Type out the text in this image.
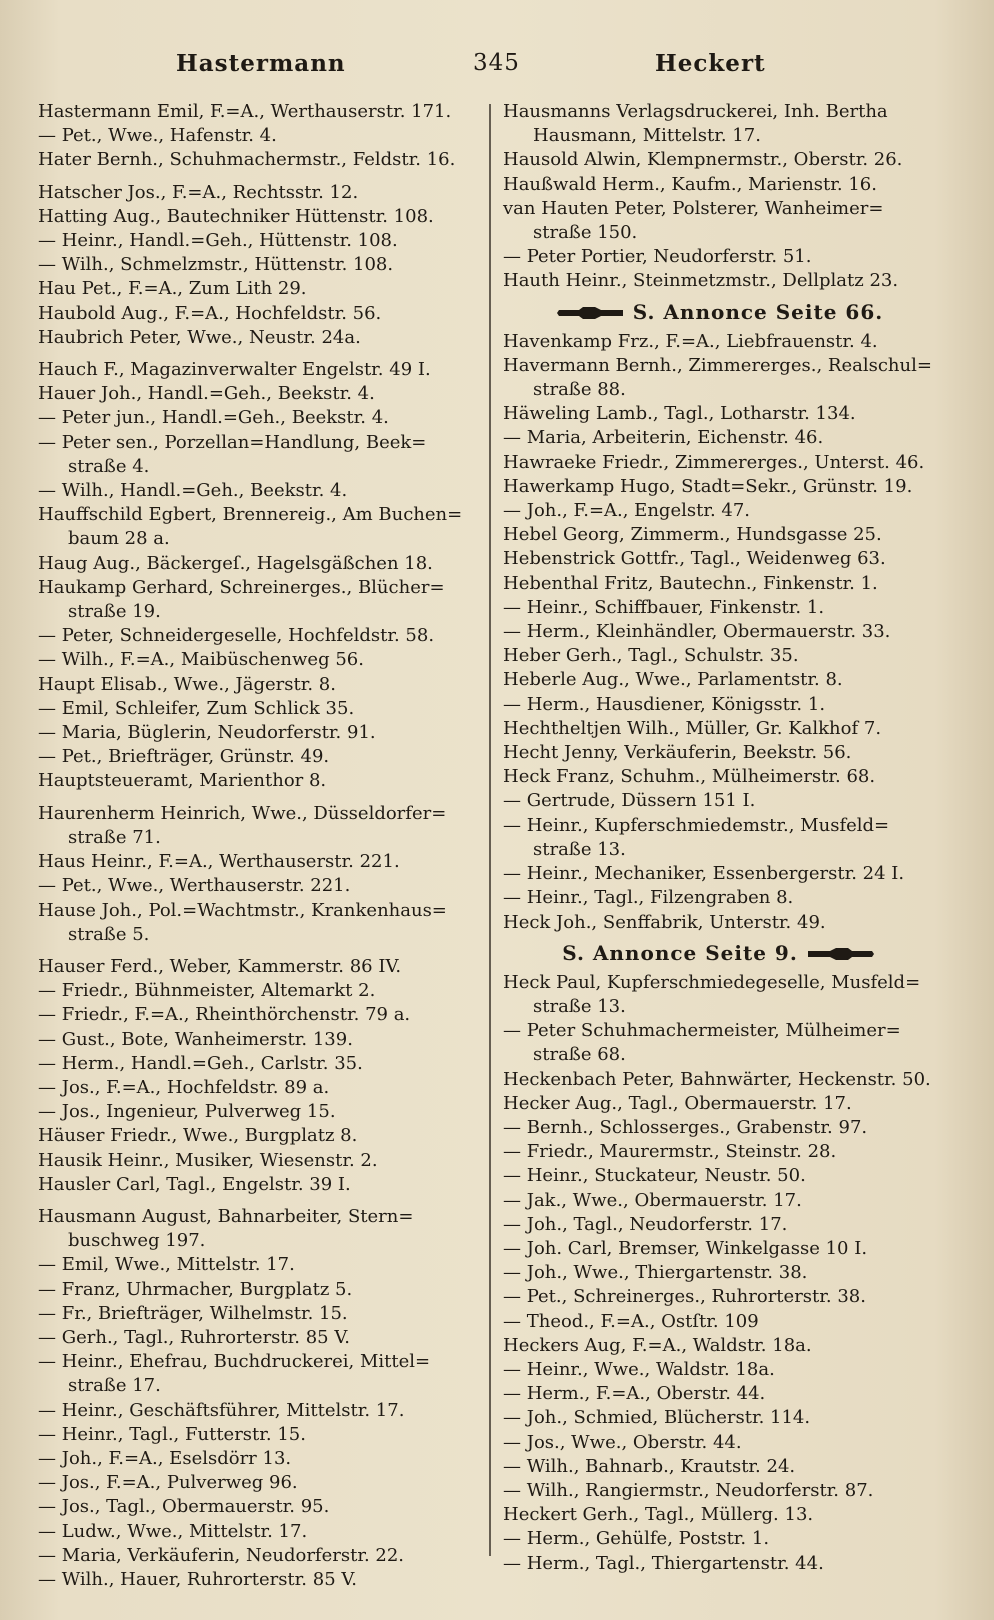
Hastermann	345	Heckert

Hastermann Emil, F.=A., Werthauserstr. 171.

— Pet., Wwe., Hafenstr. 4.

Hater Bernh., Schuhmachermstr., Feldstr. 16.

Hatscher Jos., F.=A., Rechtsstr. 12.

Hatting Aug., Bautechniker Hüttenstr. 108.

— Heinr., Handl.=Geh., Hüttenstr. 108.

— Wilh., Schmelzmstr., Hüttenstr. 108.

Hau Pet., F.=A., Zum Lith 29.

Haubold Aug., F.=A., Hochfeldstr. 56.

Haubrich Peter, Wwe., Neustr. 24a.

Hauch F., Magazinverwalter Engelstr. 49 I.

Hauer Joh., Handl.=Geh., Beekstr. 4.

— Peter jun., Handl.=Geh., Beekstr. 4.

— Peter sen., Porzellan=Handlung, Beek= straße 4.

— Wilh., Handl.=Geh., Beekstr. 4.

Hauffschild Egbert, Brennereig., Am Buchen= baum 28 a.

Haug Aug., Bäckergeſ., Hagelsgäßchen 18.

Haukamp Gerhard, Schreinerges., Blücher= straße 19.

— Peter, Schneidergeselle, Hochfeldstr. 58.

— Wilh., F.=A., Maibüschenweg 56.

Haupt Elisab., Wwe., Jägerstr. 8.

— Emil, Schleifer, Zum Schlick 35.

— Maria, Büglerin, Neudorferstr. 91.

— Pet., Briefträger, Grünstr. 49.

Hauptsteueramt, Marienthor 8.

Haurenherm Heinrich, Wwe., Düsseldorfer= straße 71.

Haus Heinr., F.=A., Werthauserstr. 221.

— Pet., Wwe., Werthauserstr. 221.

Hause Joh., Pol.=Wachtmstr., Krankenhaus= straße 5.

Hauser Ferd., Weber, Kammerstr. 86 IV.

— Friedr., Bühnmeister, Altemarkt 2.

— Friedr., F.=A., Rheinthörchenstr. 79 a.

— Gust., Bote, Wanheimerstr. 139.

— Herm., Handl.=Geh., Carlstr. 35.

— Jos., F.=A., Hochfeldstr. 89 a.

— Jos., Ingenieur, Pulverweg 15.

Häuser Friedr., Wwe., Burgplatz 8.

Hausik Heinr., Musiker, Wiesenstr. 2.

Hausler Carl, Tagl., Engelstr. 39 I.

Hausmann August, Bahnarbeiter, Stern= buschweg 197.

— Emil, Wwe., Mittelstr. 17.

— Franz, Uhrmacher, Burgplatz 5.

— Fr., Briefträger, Wilhelmstr. 15.

— Gerh., Tagl., Ruhrorterstr. 85 V.

— Heinr., Ehefrau, Buchdruckerei, Mittel= straße 17.

— Heinr., Geschäftsführer, Mittelstr. 17.

— Heinr., Tagl., Futterstr. 15.

— Joh., F.=A., Eselsdörr 13.

— Jos., F.=A., Pulverweg 96.

— Jos., Tagl., Obermauerstr. 95.

— Ludw., Wwe., Mittelstr. 17.

— Maria, Verkäuferin, Neudorferstr. 22.

— Wilh., Hauer, Ruhrorterstr. 85 V.

Hausmanns Verlagsdruckerei, Inh. Bertha Hausmann, Mittelstr. 17.

Hausold Alwin, Klempnermstr., Oberstr. 26.

Haußwald Herm., Kaufm., Marienstr. 16.

van Hauten Peter, Polsterer, Wanheimer= straße 150.

— Peter Portier, Neudorferstr. 51.

Hauth Heinr., Steinmetzmstr., Dellplatz 23.

S. Annonce Seite 66.

Havenkamp Frz., F.=A., Liebfrauenstr. 4.

Havermann Bernh., Zimmererges., Realschul= straße 88.

Häweling Lamb., Tagl., Lotharstr. 134.

— Maria, Arbeiterin, Eichenstr. 46.

Hawraeke Friedr., Zimmererges., Unterst. 46.

Hawerkamp Hugo, Stadt=Sekr., Grünstr. 19.

— Joh., F.=A., Engelstr. 47.

Hebel Georg, Zimmerm., Hundsgasse 25.

Hebenstrick Gottfr., Tagl., Weidenweg 63.

Hebenthal Fritz, Bautechn., Finkenstr. 1.

— Heinr., Schiffbauer, Finkenstr. 1.

— Herm., Kleinhändler, Obermauerstr. 33.

Heber Gerh., Tagl., Schulstr. 35.

Heberle Aug., Wwe., Parlamentstr. 8.

— Herm., Hausdiener, Königsstr. 1.

Hechtheltjen Wilh., Müller, Gr. Kalkhof 7.

Hecht Jenny, Verkäuferin, Beekstr. 56.

Heck Franz, Schuhm., Mülheimerstr. 68.

— Gertrude, Düssern 151 I.

— Heinr., Kupferschmiedemstr., Musfeld= straße 13.

— Heinr., Mechaniker, Essenbergerstr. 24 I.

— Heinr., Tagl., Filzengraben 8.

Heck Joh., Senffabrik, Unterstr. 49.

S. Annonce Seite 9.

Heck Paul, Kupferschmiedegeselle, Musfeld= straße 13.

— Peter Schuhmachermeister, Mülheimer= straße 68.

Heckenbach Peter, Bahnwärter, Heckenstr. 50.

Hecker Aug., Tagl., Obermauerstr. 17.

— Bernh., Schlosserges., Grabenstr. 97.

— Friedr., Maurermstr., Steinstr. 28.

— Heinr., Stuckateur, Neustr. 50.

— Jak., Wwe., Obermauerstr. 17.

— Joh., Tagl., Neudorferstr. 17.

— Joh. Carl, Bremser, Winkelgasse 10 I.

— Joh., Wwe., Thiergartenstr. 38.

— Pet., Schreinerges., Ruhrorterstr. 38.

— Theod., F.=A., Ostſtr. 109

Heckers Aug, F.=A., Waldstr. 18a.

— Heinr., Wwe., Waldstr. 18a.

— Herm., F.=A., Oberstr. 44.

— Joh., Schmied, Blücherstr. 114.

— Jos., Wwe., Oberstr. 44.

— Wilh., Bahnarb., Krautstr. 24.

— Wilh., Rangiermstr., Neudorferstr. 87.

Heckert Gerh., Tagl., Müllerg. 13.

— Herm., Gehülfe, Poststr. 1.

— Herm., Tagl., Thiergartenstr. 44.
